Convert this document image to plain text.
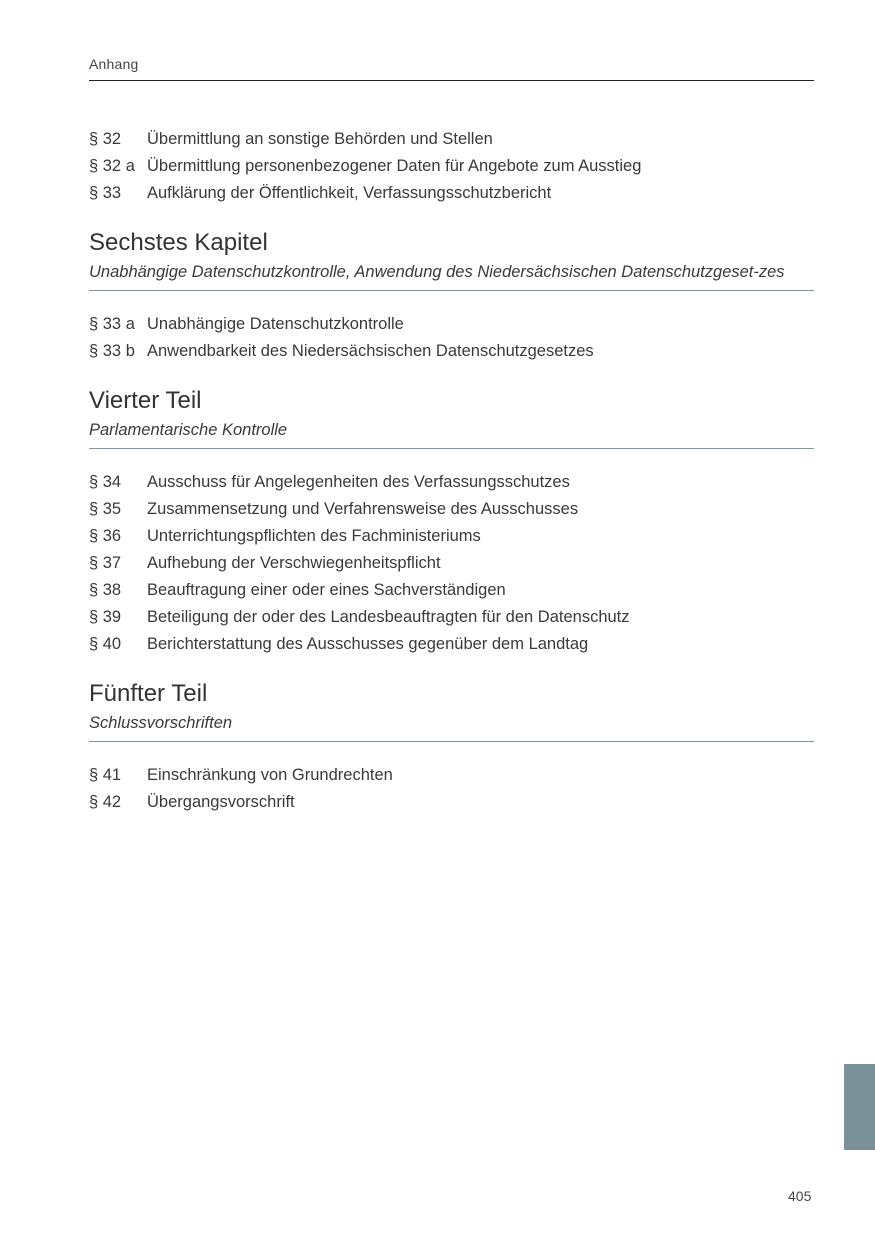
Anhang
§ 32	Übermittlung an sonstige Behörden und Stellen
§ 32 a Übermittlung personenbezogener Daten für Angebote zum Ausstieg
§ 33	Aufklärung der Öffentlichkeit, Verfassungsschutzbericht
Sechstes Kapitel
Unabhängige Datenschutzkontrolle, Anwendung des Niedersächsischen Datenschutzgeset-zes
§ 33 a Unabhängige Datenschutzkontrolle
§ 33 b Anwendbarkeit des Niedersächsischen Datenschutzgesetzes
Vierter Teil
Parlamentarische Kontrolle
§ 34	Ausschuss für Angelegenheiten des Verfassungsschutzes
§ 35	Zusammensetzung und Verfahrensweise des Ausschusses
§ 36	Unterrichtungspflichten des Fachministeriums
§ 37	Aufhebung der Verschwiegenheitspflicht
§ 38	Beauftragung einer oder eines Sachverständigen
§ 39	Beteiligung der oder des Landesbeauftragten für den Datenschutz
§ 40	Berichterstattung des Ausschusses gegenüber dem Landtag
Fünfter Teil
Schlussvorschriften
§ 41	Einschränkung von Grundrechten
§ 42	Übergangsvorschrift
405
